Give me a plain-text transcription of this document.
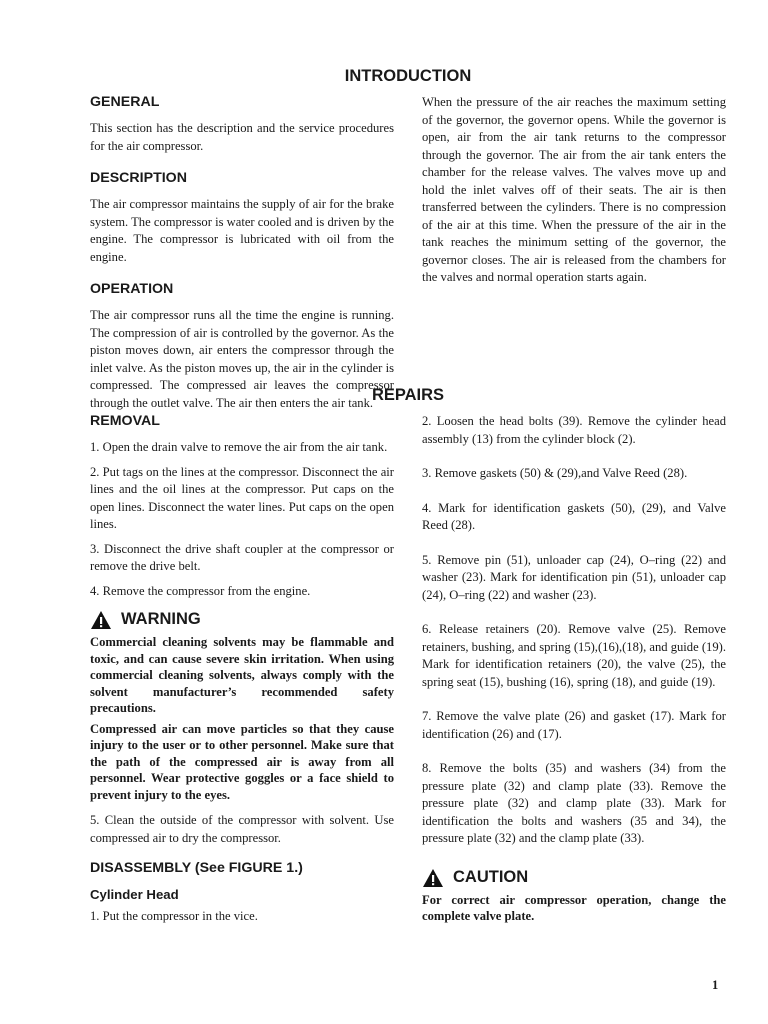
INTRODUCTION
GENERAL

This section has the description and the service procedures for the air compressor.

DESCRIPTION

The air compressor maintains the supply of air for the brake system. The compressor is water cooled and is driven by the engine. The compressor is lubricated with oil from the engine.

OPERATION

The air compressor runs all the time the engine is running. The compression of air is controlled by the governor. As the piston moves down, air enters the compressor through the inlet valve. As the piston moves up, the air in the cylinder is compressed. The compressed air leaves the compressor through the outlet valve. The air then enters the air tank.

When the pressure of the air reaches the maximum setting of the governor, the governor opens. While the governor is open, air from the air tank returns to the compressor through the governor. The air from the air tank enters the chamber for the release valves. The valves move up and hold the inlet valves off of their seats. The air is then transferred between the cylinders. There is no compression of the air at this time. When the pressure of the air in the tank reaches the minimum setting of the governor, the governor closes. The air is released from the chambers for the valves and normal operation starts again.

REPAIRS
REMOVAL

1. Open the drain valve to remove the air from the air tank.

2. Put tags on the lines at the compressor. Disconnect the air lines and the oil lines at the compressor. Put caps on the open lines. Disconnect the water lines. Put caps on the open lines.

3. Disconnect the drive shaft coupler at the compressor or remove the drive belt.

4. Remove the compressor from the engine.

WARNING

Commercial cleaning solvents may be flammable and toxic, and can cause severe skin irritation. When using commercial cleaning solvents, always comply with the solvent manufacturer’s recommended safety precautions.

Compressed air can move particles so that they cause injury to the user or to other personnel. Make sure that the path of the compressed air is away from all personnel. Wear protective goggles or a face shield to prevent injury to the eyes.

5. Clean the outside of the compressor with solvent. Use compressed air to dry the compressor.

DISASSEMBLY (See FIGURE 1.)
Cylinder Head

1. Put the compressor in the vice.

2. Loosen the head bolts (39). Remove the cylinder head assembly (13) from the cylinder block (2).

3. Remove gaskets (50) & (29),and Valve Reed (28).

4. Mark for identification gaskets (50), (29), and Valve Reed (28).

5. Remove pin (51), unloader cap (24), O–ring (22) and washer (23). Mark for identification pin (51), unloader cap (24), O–ring (22) and washer (23).

6. Release retainers (20). Remove valve (25). Remove retainers, bushing, and spring (15),(16),(18), and guide (19). Mark for identification retainers (20), the valve (25), the spring seat (15), bushing (16), spring (18), and guide (19).

7. Remove the valve plate (26) and gasket (17). Mark for identification (26) and (17).

8. Remove the bolts (35) and washers (34) from the pressure plate (32) and clamp plate (33). Remove the pressure plate (32) and clamp plate (33). Mark for identification the bolts and washers (35 and 34), the pressure plate (32) and the clamp plate (33).

CAUTION

For correct air compressor operation, change the complete valve plate.

1
